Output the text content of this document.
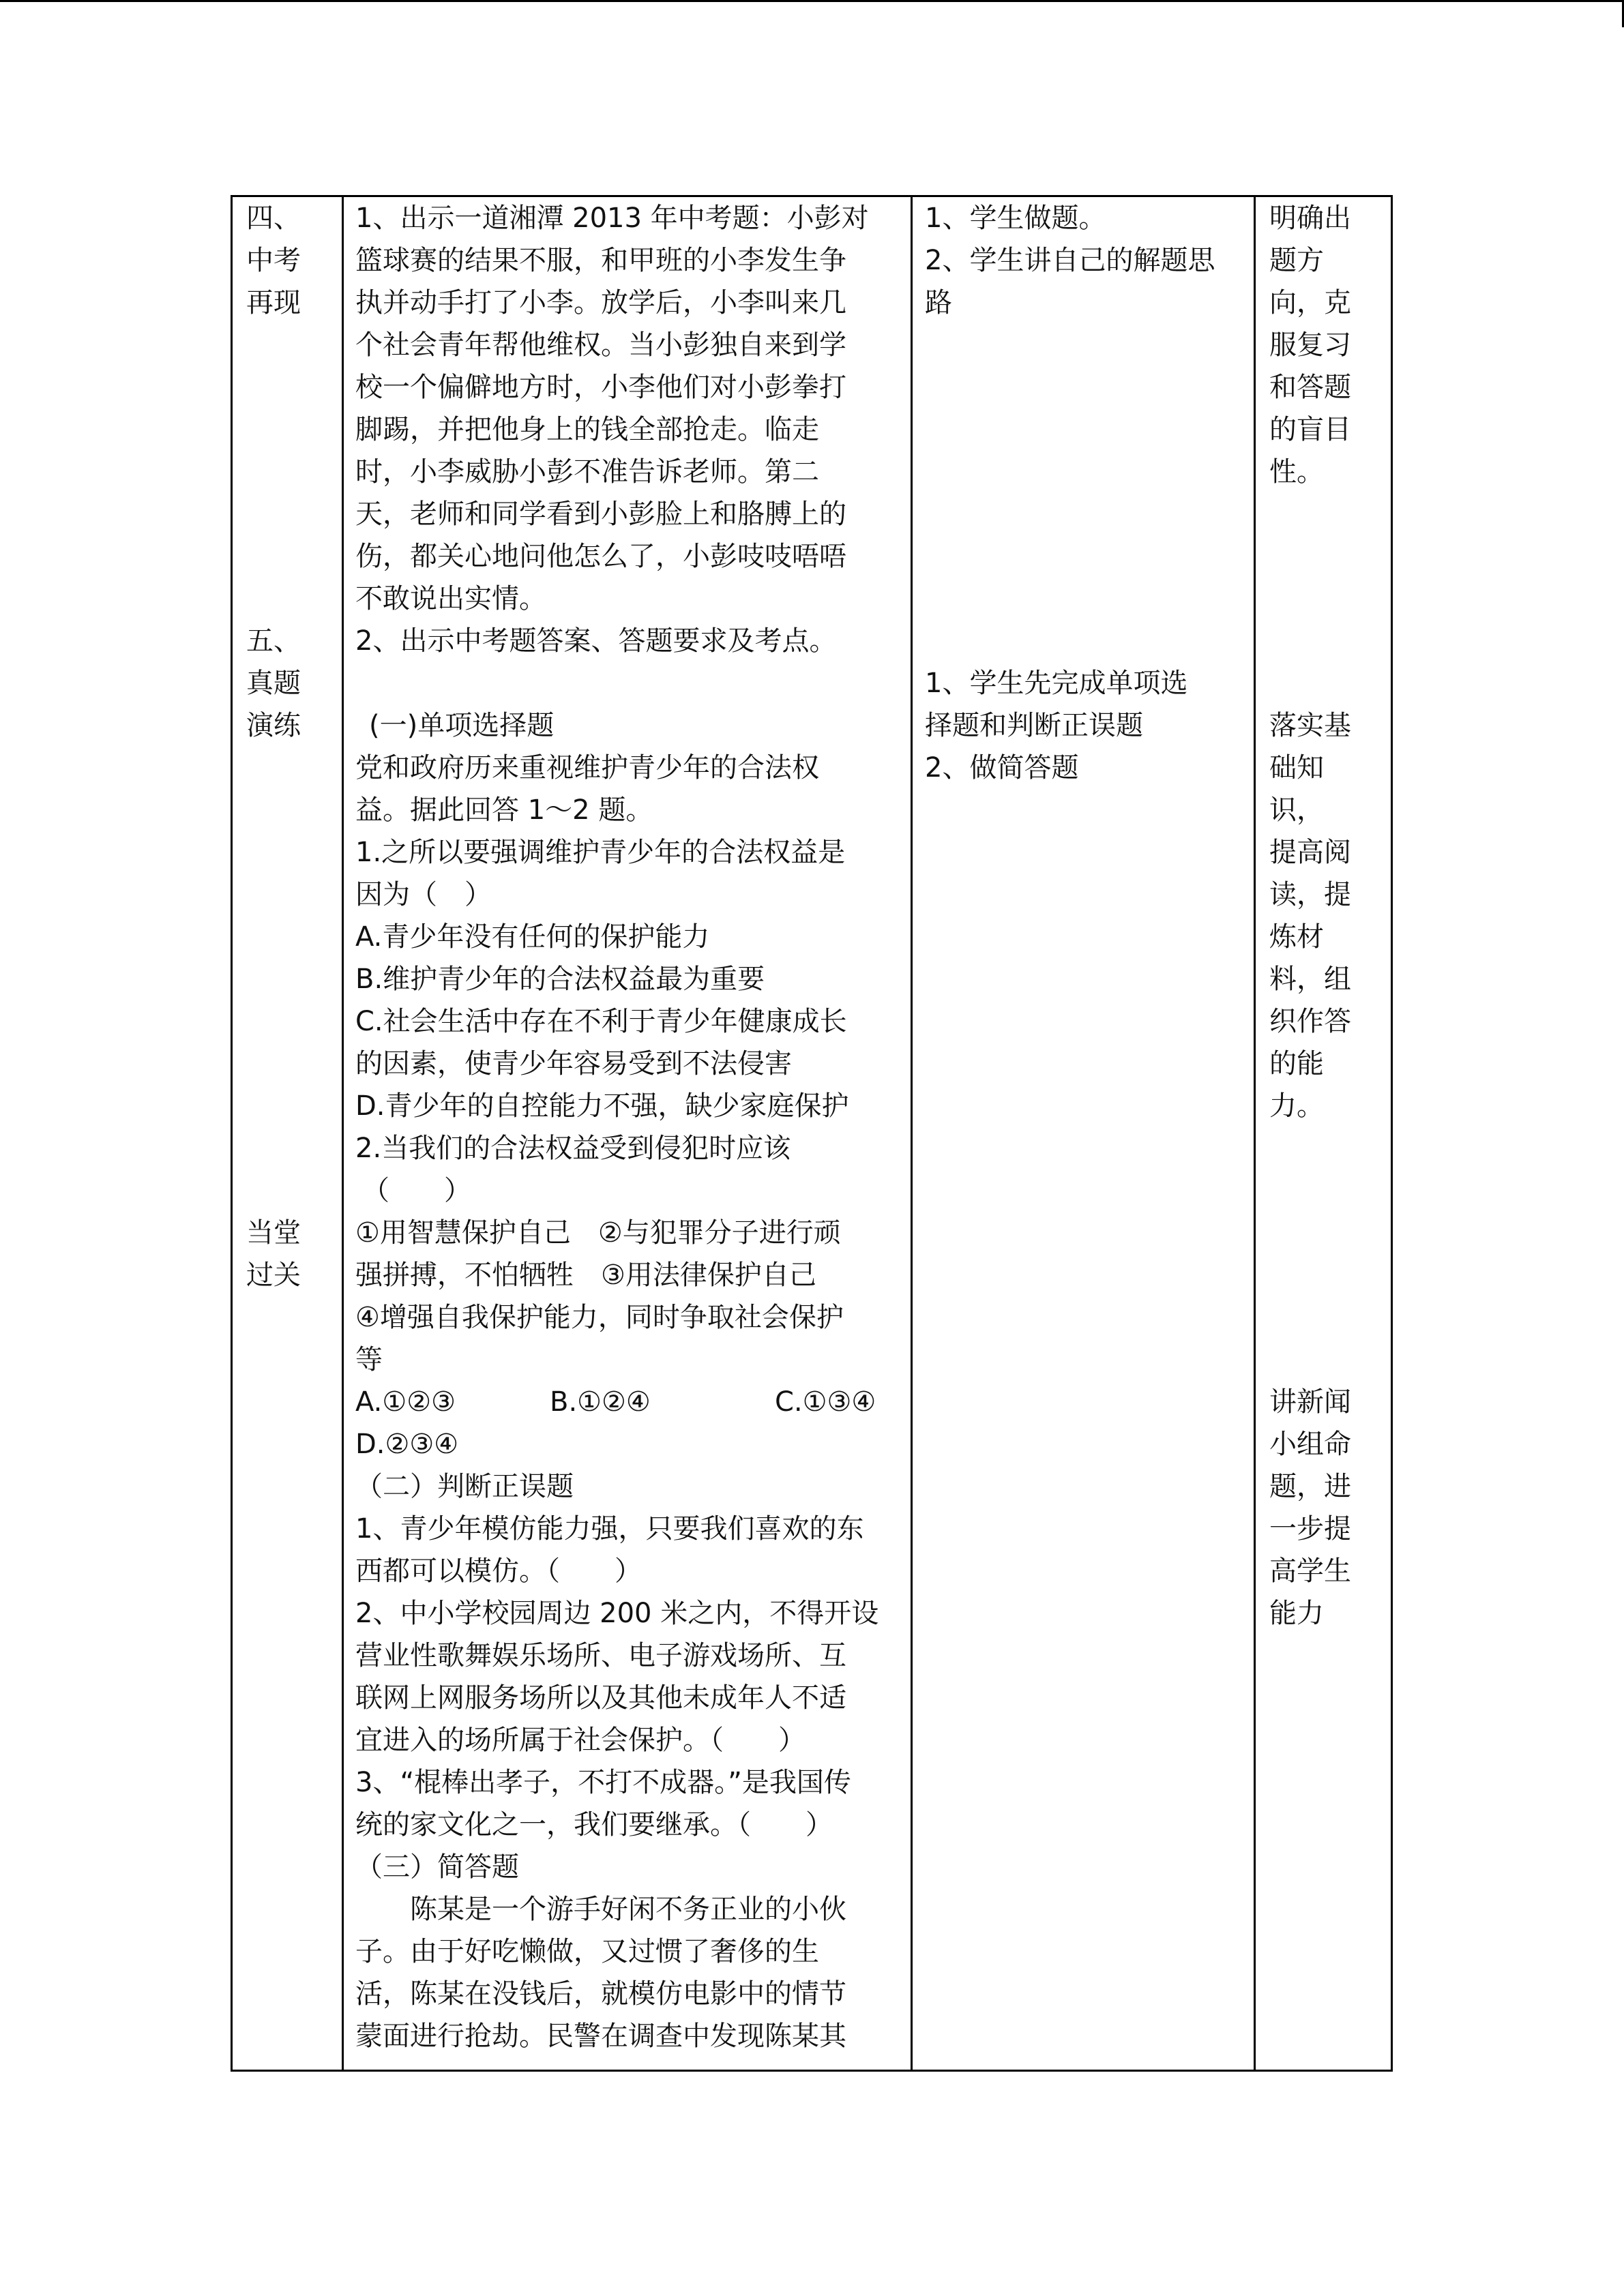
四、
中考
再现
五、
真题
演练
当堂
过关
1、出示一道湘潭 2013 年中考题：小彭对
篮球赛的结果不服，和甲班的小李发生争
执并动手打了小李。放学后，小李叫来几
个社会青年帮他维权。当小彭独自来到学
校一个偏僻地方时，小李他们对小彭拳打
脚踢，并把他身上的钱全部抢走。临走
时，小李威胁小彭不准告诉老师。第二
天，老师和同学看到小彭脸上和胳膊上的
伤，都关心地问他怎么了，小彭吱吱唔唔
不敢说出实情。
2、出示中考题答案、答题要求及考点。
(一)单项选择题
党和政府历来重视维护青少年的合法权
益。据此回答 1～2 题。
1.之所以要强调维护青少年的合法权益是
因为（　）
A.青少年没有任何的保护能力
B.维护青少年的合法权益最为重要
C.社会生活中存在不利于青少年健康成长
的因素，使青少年容易受到不法侵害
D.青少年的自控能力不强，缺少家庭保护
2.当我们的合法权益受到侵犯时应该
（　　）
①用智慧保护自己　②与犯罪分子进行顽
强拼搏，不怕牺牲　③用法律保护自己
④增强自我保护能力，同时争取社会保护
等
A.①②③	B.①②④	C.①③④
D.②③④
（二）判断正误题
1、青少年模仿能力强，只要我们喜欢的东
西都可以模仿。（　　）
2、中小学校园周边 200 米之内，不得开设
营业性歌舞娱乐场所、电子游戏场所、互
联网上网服务场所以及其他未成年人不适
宜进入的场所属于社会保护。（　　）
3、“棍棒出孝子，不打不成器。”是我国传
统的家文化之一，我们要继承。（　　）
（三）简答题
　　陈某是一个游手好闲不务正业的小伙
子。由于好吃懒做，又过惯了奢侈的生
活，陈某在没钱后，就模仿电影中的情节
蒙面进行抢劫。民警在调查中发现陈某其
1、学生做题。
2、学生讲自己的解题思
路
1、学生先完成单项选
择题和判断正误题
2、做简答题
明确出
题方
向，克
服复习
和答题
的盲目
性。
落实基
础知
识，
提高阅
读，提
炼材
料，组
织作答
的能
力。
讲新闻
小组命
题，进
一步提
高学生
能力
